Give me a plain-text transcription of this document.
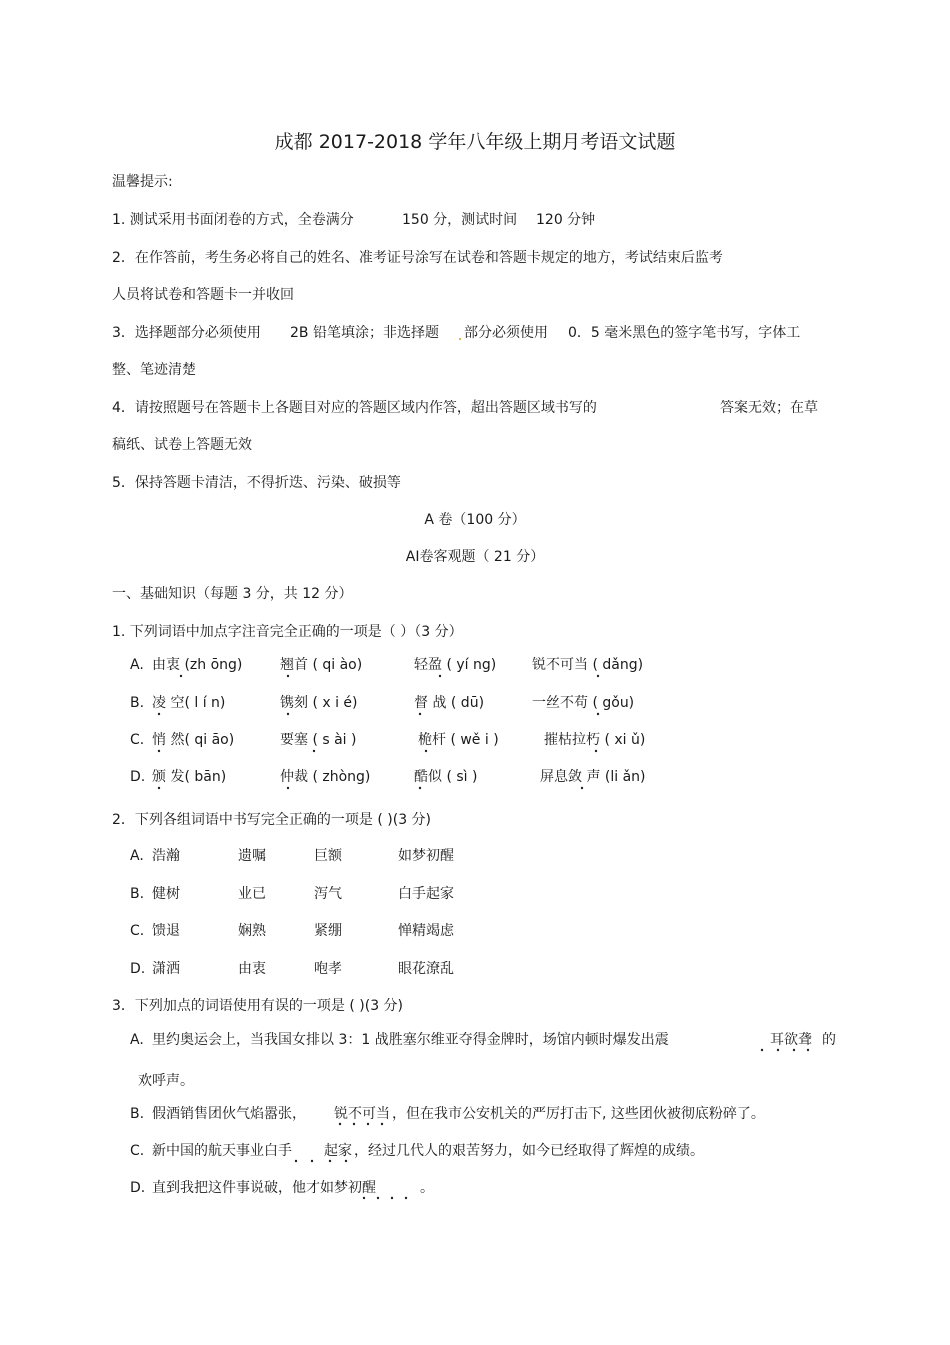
成都 2017-2018 学年八年级上期月考语文试题
温馨提示:
1. 测试采用书面闭卷的方式，全卷满分	150 分，测试时间 120 分钟
2．在作答前，考生务必将自己的姓名、准考证号涂写在试卷和答题卡规定的地方，考试结束后监考
人员将试卷和答题卡一并收回
3．选择题部分必须使用 2B 铅笔填涂；非选择题 部分必须使用 0．5 毫米黑色的签字笔书写，字体工
整、笔迹清楚
4．请按照题号在答题卡上各题目对应的答题区域内作答，超出答题区域书写的	答案无效；在草
稿纸、试卷上答题无效
5．保持答题卡清洁，不得折迭、污染、破损等
A 卷（100 分）
AⅠ卷客观题（ 21 分）
一、基础知识（每题 3 分，共 12 分）
1. 下列词语中加点字注音完全正确的一项是（ ）（3 分）
A. 由衷 (zh ōng)	翘首 ( qi ào)	轻盈 ( yí ng)	锐不可当 ( dǎng)
B. 凌 空( l í n)	镌刻 ( x i é)	督 战 ( dū)	一丝不苟 ( gǒu)
C. 悄 然( qi āo)	要塞 ( s ài )	桅杆 ( wě i )	摧枯拉朽 ( xi ǔ)
D. 颁 发( bān)	仲裁 ( zhòng)	酷似 ( sì )	屏息敛 声 (li ǎn)
2．下列各组词语中书写完全正确的一项是 ( )(3 分)
A. 浩瀚	遗嘱	巨额	如梦初醒
B. 健树	业已	泻气	白手起家
C. 馈退	娴熟	紧绷	惮精竭虑
D. 潇洒	由衷	咆孝	眼花潦乱
3．下列加点的词语使用有误的一项是 ( )(3 分)
A. 里约奥运会上，当我国女排以 3：1 战胜塞尔维亚夺得金牌时，场馆内顿时爆发出震	耳欲聋 的
欢呼声。
B. 假酒销售团伙气焰嚣张， 锐不可当 ，但在我市公安机关的严厉打击下, 这些团伙被彻底粉碎了。
C. 新中国的航天事业白手 起家 ，经过几代人的艰苦努力，如今已经取得了辉煌的成绩。
D. 直到我把这件事说破，他才如梦初醒	。
